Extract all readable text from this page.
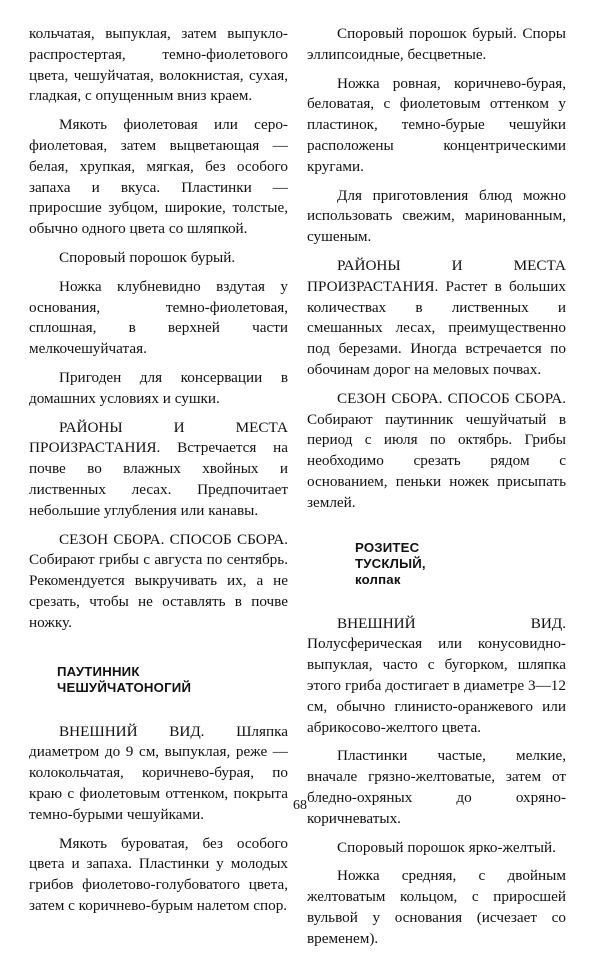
кольчатая, выпуклая, затем выпукло-распростертая, темно-фиолетового цвета, чешуйчатая, волокнистая, сухая, гладкая, с опущенным вниз краем.

Мякоть фиолетовая или серо-фиолетовая, затем выцветающая — белая, хрупкая, мягкая, без особого запаха и вкуса. Пластинки — приросшие зубцом, широкие, толстые, обычно одного цвета со шляпкой.

Споровый порошок бурый.

Ножка клубневидно вздутая у основания, темно-фиолетовая, сплошная, в верхней части мелкочешуйчатая.

Пригоден для консервации в домашних условиях и сушки.

РАЙОНЫ И МЕСТА ПРОИЗРАСТАНИЯ. Встречается на почве во влажных хвойных и лиственных лесах. Предпочитает небольшие углубления или канавы.

СЕЗОН СБОРА. СПОСОБ СБОРА. Собирают грибы с августа по сентябрь. Рекомендуется выкручивать их, а не срезать, чтобы не оставлять в почве ножку.

ПАУТИННИК
ЧЕШУЙЧАТОНОГИЙ

ВНЕШНИЙ ВИД. Шляпка диаметром до 9 см, выпуклая, реже — колокольчатая, коричнево-бурая, по краю с фиолетовым оттенком, покрыта темно-бурыми чешуйками.

Мякоть буроватая, без особого цвета и запаха. Пластинки у молодых грибов фиолетово-голубоватого цвета, затем с коричнево-бурым налетом спор.

Споровый порошок бурый. Споры эллипсоидные, бесцветные.

Ножка ровная, коричнево-бурая, беловатая, с фиолетовым оттенком у пластинок, темно-бурые чешуйки расположены концентрическими кругами.

Для приготовления блюд можно использовать свежим, маринованным, сушеным.

РАЙОНЫ И МЕСТА ПРОИЗРАСТАНИЯ. Растет в больших количествах в лиственных и смешанных лесах, преимущественно под березами. Иногда встречается по обочинам дорог на меловых почвах.

СЕЗОН СБОРА. СПОСОБ СБОРА. Собирают паутинник чешуйчатый в период с июля по октябрь. Грибы необходимо срезать рядом с основанием, пеньки ножек присыпать землей.

РОЗИТЕС
ТУСКЛЫЙ,
колпак

ВНЕШНИЙ ВИД. Полусферическая или конусовидно-выпуклая, часто с бугорком, шляпка этого гриба достигает в диаметре 3—12 см, обычно глинисто-оранжевого или абрикосово-желтого цвета.

Пластинки частые, мелкие, вначале грязно-желтоватые, затем от бледно-охряных до охряно-коричневатых.

Споровый порошок ярко-желтый.

Ножка средняя, с двойным желтоватым кольцом, с приросшей вульвой у основания (исчезает со временем).

68
